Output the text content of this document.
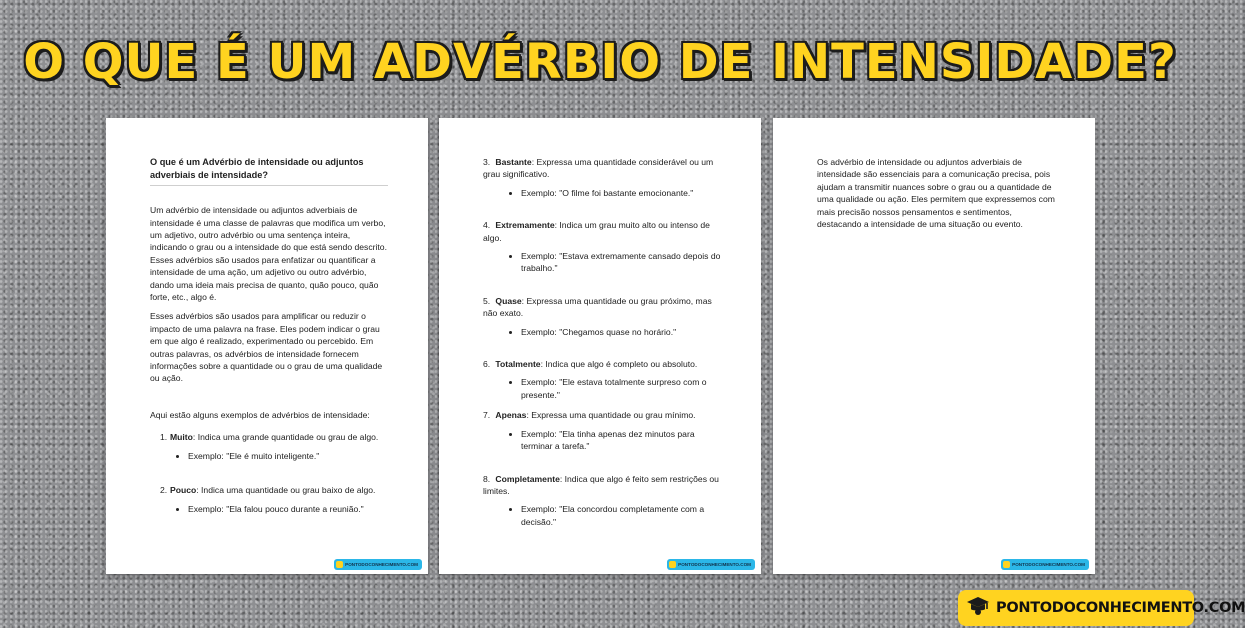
O QUE É UM ADVÉRBIO DE INTENSIDADE?
O que é um Advérbio de intensidade ou adjuntos adverbiais de intensidade?

Um advérbio de intensidade ou adjuntos adverbiais de intensidade é uma classe de palavras que modifica um verbo, um adjetivo, outro advérbio ou uma sentença inteira, indicando o grau ou a intensidade do que está sendo descrito. Esses advérbios são usados para enfatizar ou quantificar a intensidade de uma ação, um adjetivo ou outro advérbio, dando uma ideia mais precisa de quanto, quão pouco, quão forte, etc., algo é.

Esses advérbios são usados para amplificar ou reduzir o impacto de uma palavra na frase. Eles podem indicar o grau em que algo é realizado, experimentado ou percebido. Em outras palavras, os advérbios de intensidade fornecem informações sobre a quantidade ou o grau de uma qualidade ou ação.

Aqui estão alguns exemplos de advérbios de intensidade:

1. Muito: Indica uma grande quantidade ou grau de algo.
• Exemplo: "Ele é muito inteligente."
2. Pouco: Indica uma quantidade ou grau baixo de algo.
• Exemplo: "Ela falou pouco durante a reunião."
PONTODOCONHECIMENTO.COM
3. Bastante: Expressa uma quantidade considerável ou um grau significativo.
• Exemplo: "O filme foi bastante emocionante."
4. Extremamente: Indica um grau muito alto ou intenso de algo.
• Exemplo: "Estava extremamente cansado depois do trabalho."
5. Quase: Expressa uma quantidade ou grau próximo, mas não exato.
• Exemplo: "Chegamos quase no horário."
6. Totalmente: Indica que algo é completo ou absoluto.
• Exemplo: "Ele estava totalmente surpreso com o presente."
7. Apenas: Expressa uma quantidade ou grau mínimo.
• Exemplo: "Ela tinha apenas dez minutos para terminar a tarefa."
8. Completamente: Indica que algo é feito sem restrições ou limites.
• Exemplo: "Ela concordou completamente com a decisão."
PONTODOCONHECIMENTO.COM

Os advérbio de intensidade ou adjuntos adverbiais de intensidade são essenciais para a comunicação precisa, pois ajudam a transmitir nuances sobre o grau ou a quantidade de uma qualidade ou ação. Eles permitem que expressemos com mais precisão nossos pensamentos e sentimentos, destacando a intensidade de uma situação ou evento.

PONTODOCONHECIMENTO.COM
PONTODOCONHECIMENTO.COM
